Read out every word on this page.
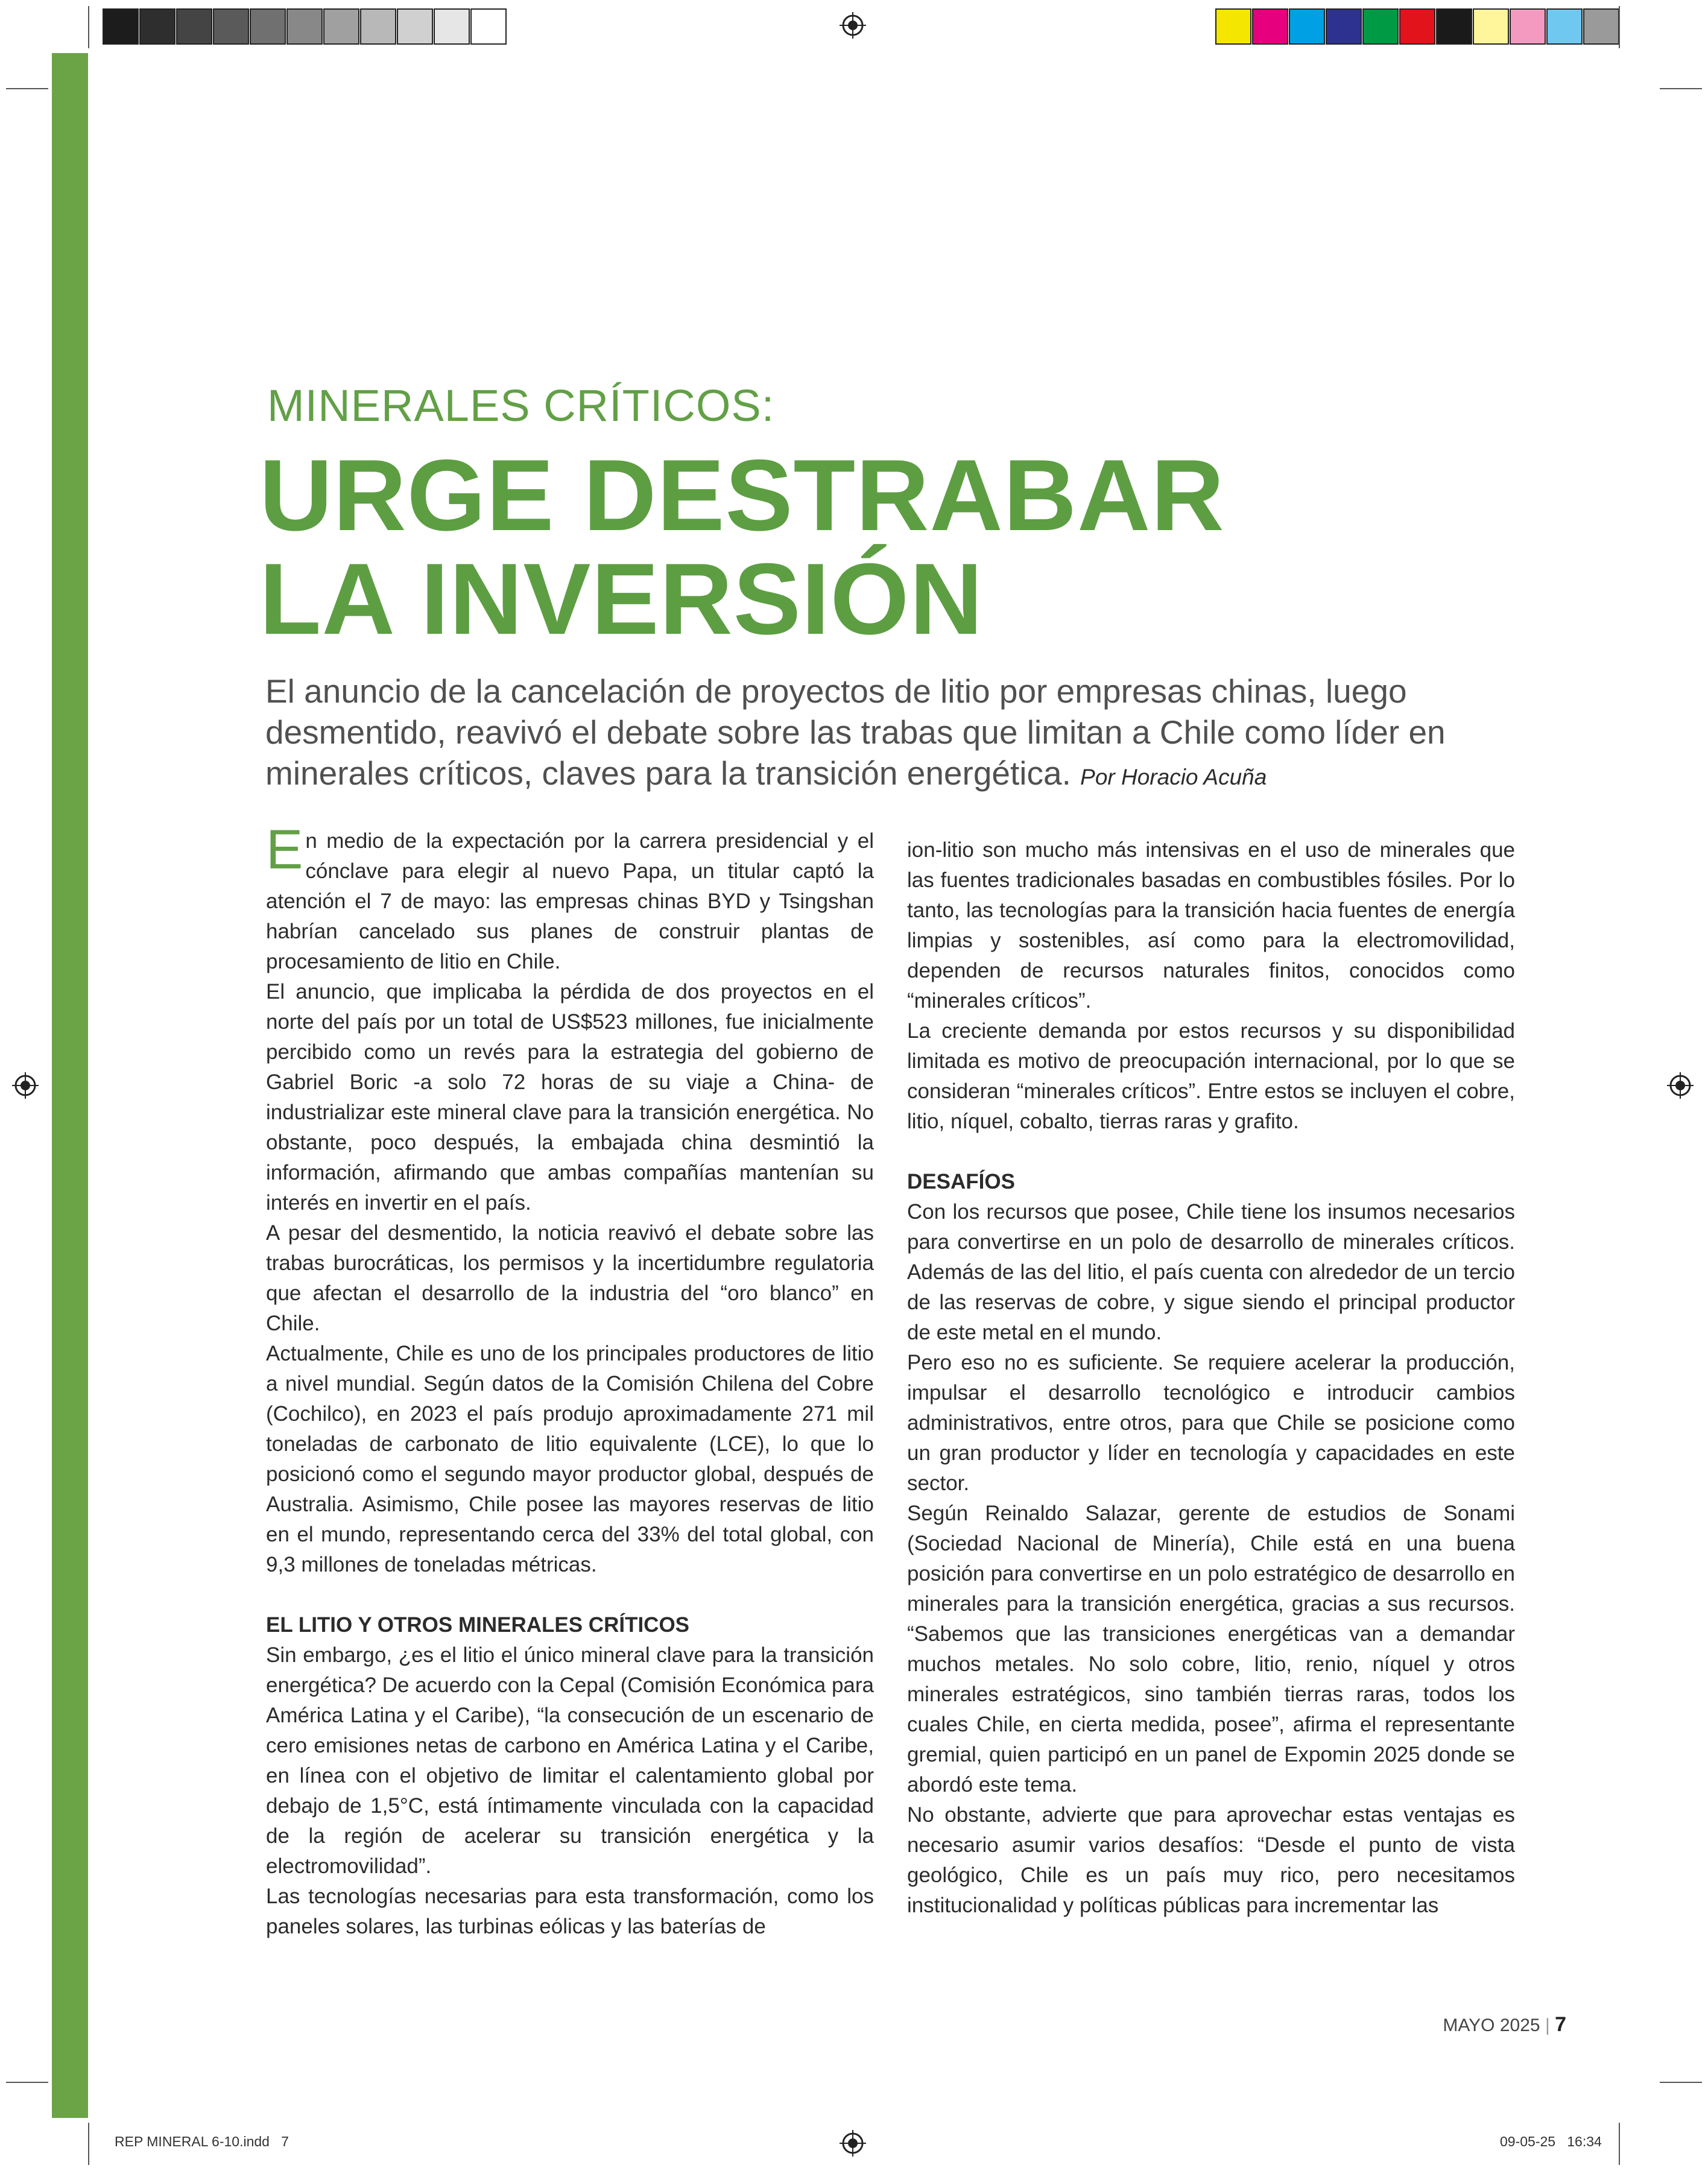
MINERALES CRÍTICOS:
URGE DESTRABAR
LA INVERSIÓN
El anuncio de la cancelación de proyectos de litio por empresas chinas, luego desmentido, reavivó el debate sobre las trabas que limitan a Chile como líder en minerales críticos, claves para la transición energética. Por Horacio Acuña

En medio de la expectación por la carrera presidencial y el cónclave para elegir al nuevo Papa, un titular captó la atención el 7 de mayo: las empresas chinas BYD y Tsingshan habrían cancelado sus planes de construir plantas de procesamiento de litio en Chile.

El anuncio, que implicaba la pérdida de dos proyectos en el norte del país por un total de US$523 millones, fue inicialmente percibido como un revés para la estrategia del gobierno de Gabriel Boric -a solo 72 horas de su viaje a China- de industrializar este mineral clave para la transición energética. No obstante, poco después, la embajada china desmintió la información, afirmando que ambas compañías mantenían su interés en invertir en el país.

A pesar del desmentido, la noticia reavivó el debate sobre las trabas burocráticas, los permisos y la incertidumbre regulatoria que afectan el desarrollo de la industria del “oro blanco” en Chile.

Actualmente, Chile es uno de los principales productores de litio a nivel mundial. Según datos de la Comisión Chilena del Cobre (Cochilco), en 2023 el país produjo aproximadamente 271 mil toneladas de carbonato de litio equivalente (LCE), lo que lo posicionó como el segundo mayor productor global, después de Australia. Asimismo, Chile posee las mayores reservas de litio en el mundo, representando cerca del 33% del total global, con 9,3 millones de toneladas métricas.

EL LITIO Y OTROS MINERALES CRÍTICOS

Sin embargo, ¿es el litio el único mineral clave para la transición energética? De acuerdo con la Cepal (Comisión Económica para América Latina y el Caribe), “la consecución de un escenario de cero emisiones netas de carbono en América Latina y el Caribe, en línea con el objetivo de limitar el calentamiento global por debajo de 1,5°C, está íntimamente vinculada con la capacidad de la región de acelerar su transición energética y la electromovilidad”.

Las tecnologías necesarias para esta transformación, como los paneles solares, las turbinas eólicas y las baterías de

ion-litio son mucho más intensivas en el uso de minerales que las fuentes tradicionales basadas en combustibles fósiles. Por lo tanto, las tecnologías para la transición hacia fuentes de energía limpias y sostenibles, así como para la electromovilidad, dependen de recursos naturales finitos, conocidos como “minerales críticos”.

La creciente demanda por estos recursos y su disponibilidad limitada es motivo de preocupación internacional, por lo que se consideran “minerales críticos”. Entre estos se incluyen el cobre, litio, níquel, cobalto, tierras raras y grafito.

DESAFÍOS

Con los recursos que posee, Chile tiene los insumos necesarios para convertirse en un polo de desarrollo de minerales críticos. Además de las del litio, el país cuenta con alrededor de un tercio de las reservas de cobre, y sigue siendo el principal productor de este metal en el mundo.

Pero eso no es suficiente. Se requiere acelerar la producción, impulsar el desarrollo tecnológico e introducir cambios administrativos, entre otros, para que Chile se posicione como un gran productor y líder en tecnología y capacidades en este sector.

Según Reinaldo Salazar, gerente de estudios de Sonami (Sociedad Nacional de Minería), Chile está en una buena posición para convertirse en un polo estratégico de desarrollo en minerales para la transición energética, gracias a sus recursos. “Sabemos que las transiciones energéticas van a demandar muchos metales. No solo cobre, litio, renio, níquel y otros minerales estratégicos, sino también tierras raras, todos los cuales Chile, en cierta medida, posee”, afirma el representante gremial, quien participó en un panel de Expomin 2025 donde se abordó este tema.

No obstante, advierte que para aprovechar estas ventajas es necesario asumir varios desafíos: “Desde el punto de vista geológico, Chile es un país muy rico, pero necesitamos institucionalidad y políticas públicas para incrementar las

MAYO 2025 | 7
REP MINERAL 6-10.indd   7	09-05-25   16:34
